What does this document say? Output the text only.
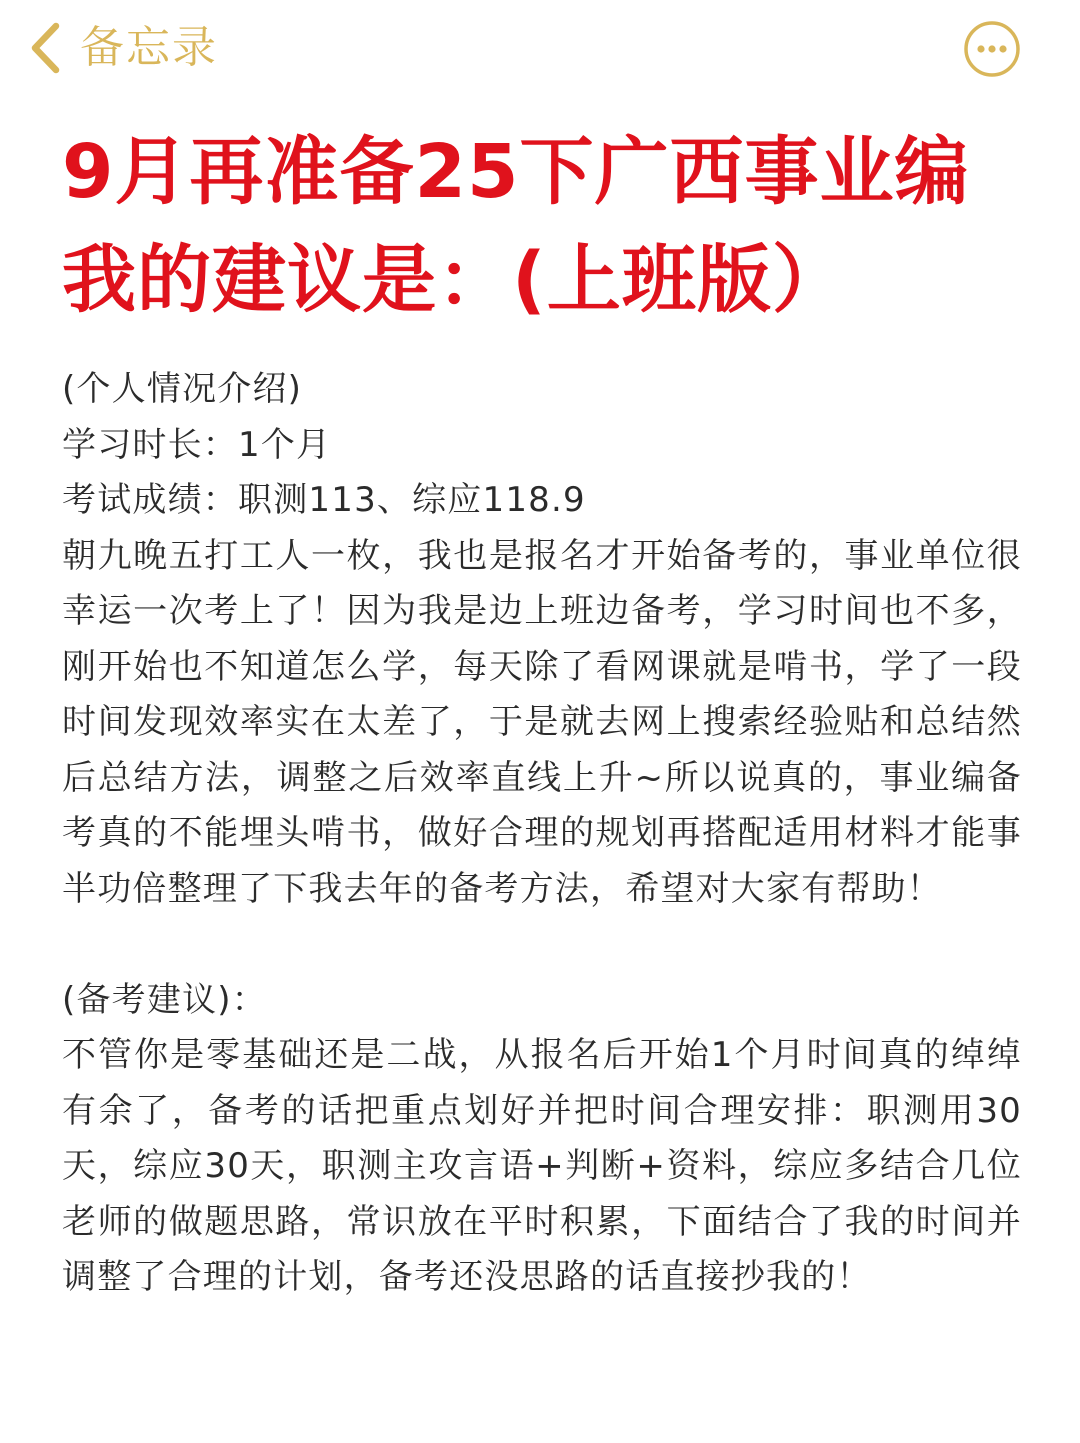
备忘录
9月再准备25下广西事业编
我的建议是：(上班版）

(个人情况介绍)

学习时长：1个月

考试成绩：职测113、综应118.9

朝九晚五打工人一枚，我也是报名才开始备考的，事业单位很幸运一次考上了！因为我是边上班边备考，学习时间也不多，刚开始也不知道怎么学，每天除了看网课就是啃书，学了一段时间发现效率实在太差了，于是就去网上搜索经验贴和总结然后总结方法，调整之后效率直线上升~所以说真的，事业编备考真的不能埋头啃书，做好合理的规划再搭配适用材料才能事半功倍整理了下我去年的备考方法，希望对大家有帮助！

(备考建议)：

不管你是零基础还是二战，从报名后开始1个月时间真的绰绰有余了，备考的话把重点划好并把时间合理安排：职测用30天，综应30天，职测主攻言语+判断+资料，综应多结合几位老师的做题思路，常识放在平时积累，下面结合了我的时间并调整了合理的计划，备考还没思路的话直接抄我的！
